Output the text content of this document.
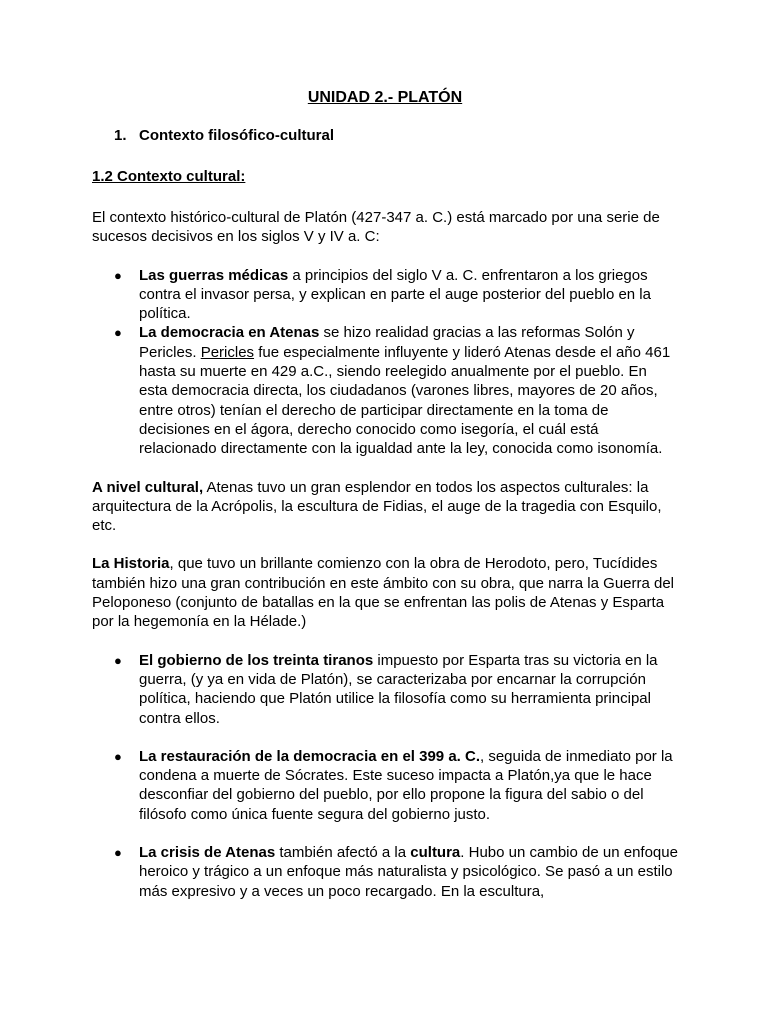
UNIDAD 2.- PLATÓN
1. Contexto filosófico-cultural
1.2 Contexto cultural:

El contexto histórico-cultural de Platón (427-347 a. C.) está marcado por una serie de sucesos decisivos en los siglos V y IV a. C:

● Las guerras médicas a principios del siglo V a. C. enfrentaron a los griegos contra el invasor persa, y explican en parte el auge posterior del pueblo en la política.
● La democracia en Atenas se hizo realidad gracias a las reformas Solón y Pericles. Pericles fue especialmente influyente y lideró Atenas desde el año 461 hasta su muerte en 429 a.C., siendo reelegido anualmente por el pueblo. En esta democracia directa, los ciudadanos (varones libres, mayores de 20 años, entre otros) tenían el derecho de participar directamente en la toma de decisiones en el ágora, derecho conocido como isegoría, el cuál está relacionado directamente con la igualdad ante la ley, conocida como isonomía.

A nivel cultural, Atenas tuvo un gran esplendor en todos los aspectos culturales: la arquitectura de la Acrópolis, la escultura de Fidias, el auge de la tragedia con Esquilo, etc.

La Historia, que tuvo un brillante comienzo con la obra de Herodoto, pero, Tucídides también hizo una gran contribución en este ámbito con su obra, que narra la Guerra del Peloponeso (conjunto de batallas en la que se enfrentan las polis de Atenas y Esparta por la hegemonía en la Hélade.)

● El gobierno de los treinta tiranos impuesto por Esparta tras su victoria en la guerra, (y ya en vida de Platón), se caracterizaba por encarnar la corrupción política, haciendo que Platón utilice la filosofía como su herramienta principal contra ellos.
● La restauración de la democracia en el 399 a. C., seguida de inmediato por la condena a muerte de Sócrates. Este suceso impacta a Platón,ya que le hace desconfiar del gobierno del pueblo, por ello propone la figura del sabio o del filósofo como única fuente segura del gobierno justo.
● La crisis de Atenas también afectó a la cultura. Hubo un cambio de un enfoque heroico y trágico a un enfoque más naturalista y psicológico. Se pasó a un estilo más expresivo y a veces un poco recargado. En la escultura,
